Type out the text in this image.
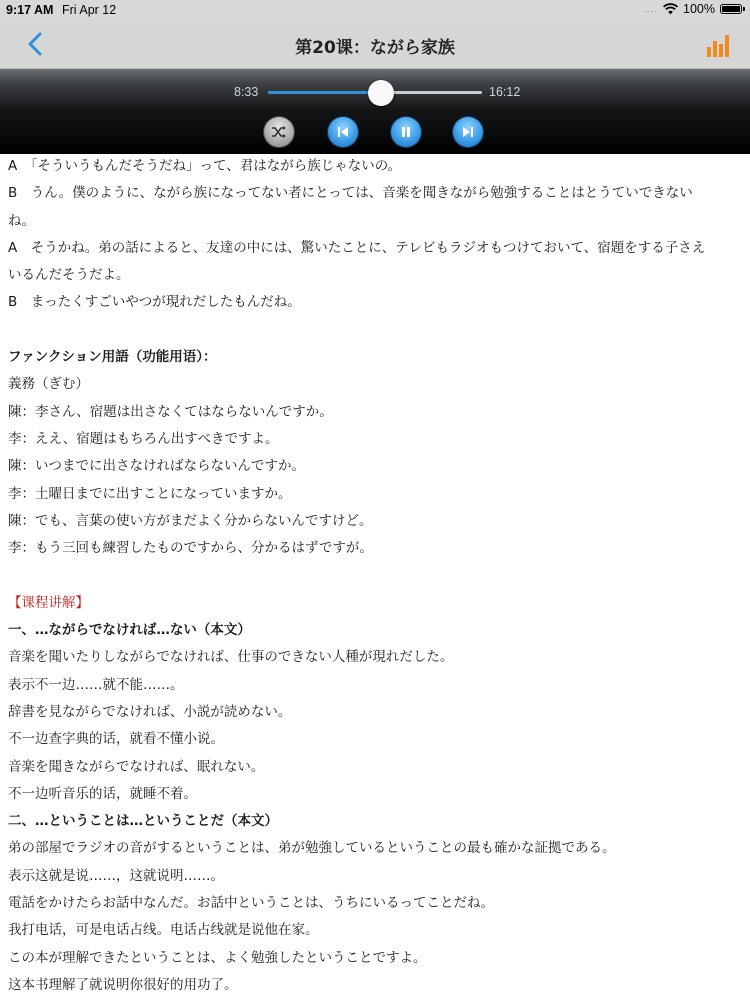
9:17 AM Fri Apr 12	.... 100%
第20课：ながら家族
8:33	16:12
A　「そういうもんだそうだね」って、君はながら族じゃないの。
B　うん。僕のように、ながら族になってない者にとっては、音楽を聞きながら勉強することはとうていできない
ね。
A　そうかね。弟の話によると、友達の中には、驚いたことに、テレビもラジオもつけておいて、宿題をする子さえ
いるんだそうだよ。
B　まったくすごいやつが現れだしたもんだね。
ファンクション用語（功能用语）：
義務（ぎむ）
陳：李さん、宿題は出さなくてはならないんですか。
李：ええ、宿題はもちろん出すべきですよ。
陳：いつまでに出さなければならないんですか。
李：土曜日までに出すことになっていますか。
陳：でも、言葉の使い方がまだよく分からないんですけど。
李：もう三回も練習したものですから、分かるはずですが。
【课程讲解】
一、…ながらでなければ…ない（本文）
音楽を聞いたりしながらでなければ、仕事のできない人種が現れだした。
表示不一边……就不能……。
辞書を見ながらでなければ、小説が読めない。
不一边查字典的话，就看不懂小说。
音楽を聞きながらでなければ、眠れない。
不一边听音乐的话，就睡不着。
二、…ということは…ということだ（本文）
弟の部屋でラジオの音がするということは、弟が勉強しているということの最も確かな証拠である。
表示这就是说……，这就说明……。
電話をかけたらお話中なんだ。お話中ということは、うちにいるってことだね。
我打电话，可是电话占线。电话占线就是说他在家。
この本が理解できたということは、よく勉強したということですよ。
这本书理解了就说明你很好的用功了。
